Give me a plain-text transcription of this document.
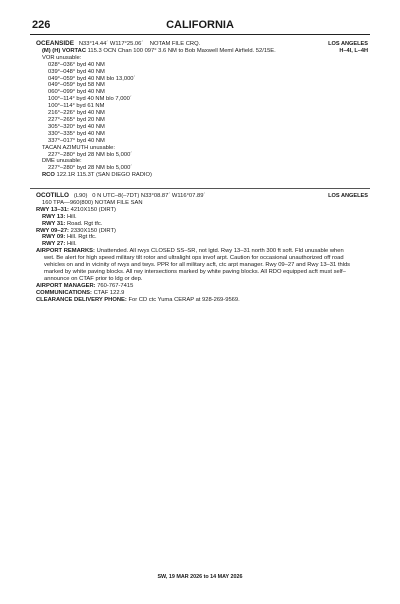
226	CALIFORNIA
LOS ANGELES
H–4I, L–4H
OCEANSIDE N33°14.44´ W117°25.06´ NOTAM FILE CRQ.
(M) (H) VORTAC 115.3 OCN Chan 100 097° 3.6 NM to Bob Maxwell Meml Airfield. 52/15E.
VOR unusable:
028°–036° byd 40 NM
039°–048° byd 40 NM
049°–059° byd 40 NM blo 13,000´
049°–059° byd 58 NM
060°–099° byd 40 NM
100°–114° byd 40 NM blo 7,000´
100°–114° byd 61 NM
216°–226° byd 40 NM
227°–265° byd 20 NM
305°–320° byd 40 NM
330°–335° byd 40 NM
337°–017° byd 40 NM
TACAN AZIMUTH unusable:
227°–280° byd 28 NM blo 5,000´
DME unusable:
227°–280° byd 28 NM blo 5,000´
RCO 122.1R 115.3T (SAN DIEGO RADIO)
LOS ANGELES
OCOTILLO (L90) 0 N UTC–8(–7DT) N33°08.87´ W116°07.89´
160 TPA—960(800) NOTAM FILE SAN
RWY 13–31: 4210X150 (DIRT)
RWY 13: Hill.
RWY 31: Road. Rgt tfc.
RWY 09–27: 2330X150 (DIRT)
RWY 09: Hill. Rgt tfc.
RWY 27: Hill.
AIRPORT REMARKS: Unattended. All rwys CLOSED SS–SR, not lgtd. Rwy 13–31 north 300 ft soft. Fld unusable when wet. Be alert for high speed military tilt rotor and ultralight ops invof arpt. Caution for occasional unauthorized off road vehicles on and in vicinity of rwys and twys. PPR for all military acft, ctc arpt manager. Rwy 09–27 and Rwy 13–31 thlds marked by white paving blocks. All rwy intersections marked by white paving blocks. All RDO equipped acft must self–announce on CTAF prior to ldg or dep.
AIRPORT MANAGER: 760-767-7415
COMMUNICATIONS: CTAF 122.9
CLEARANCE DELIVERY PHONE: For CD ctc Yuma CERAP at 928-269-9569.
SW, 19 MAR 2026 to 14 MAY 2026
